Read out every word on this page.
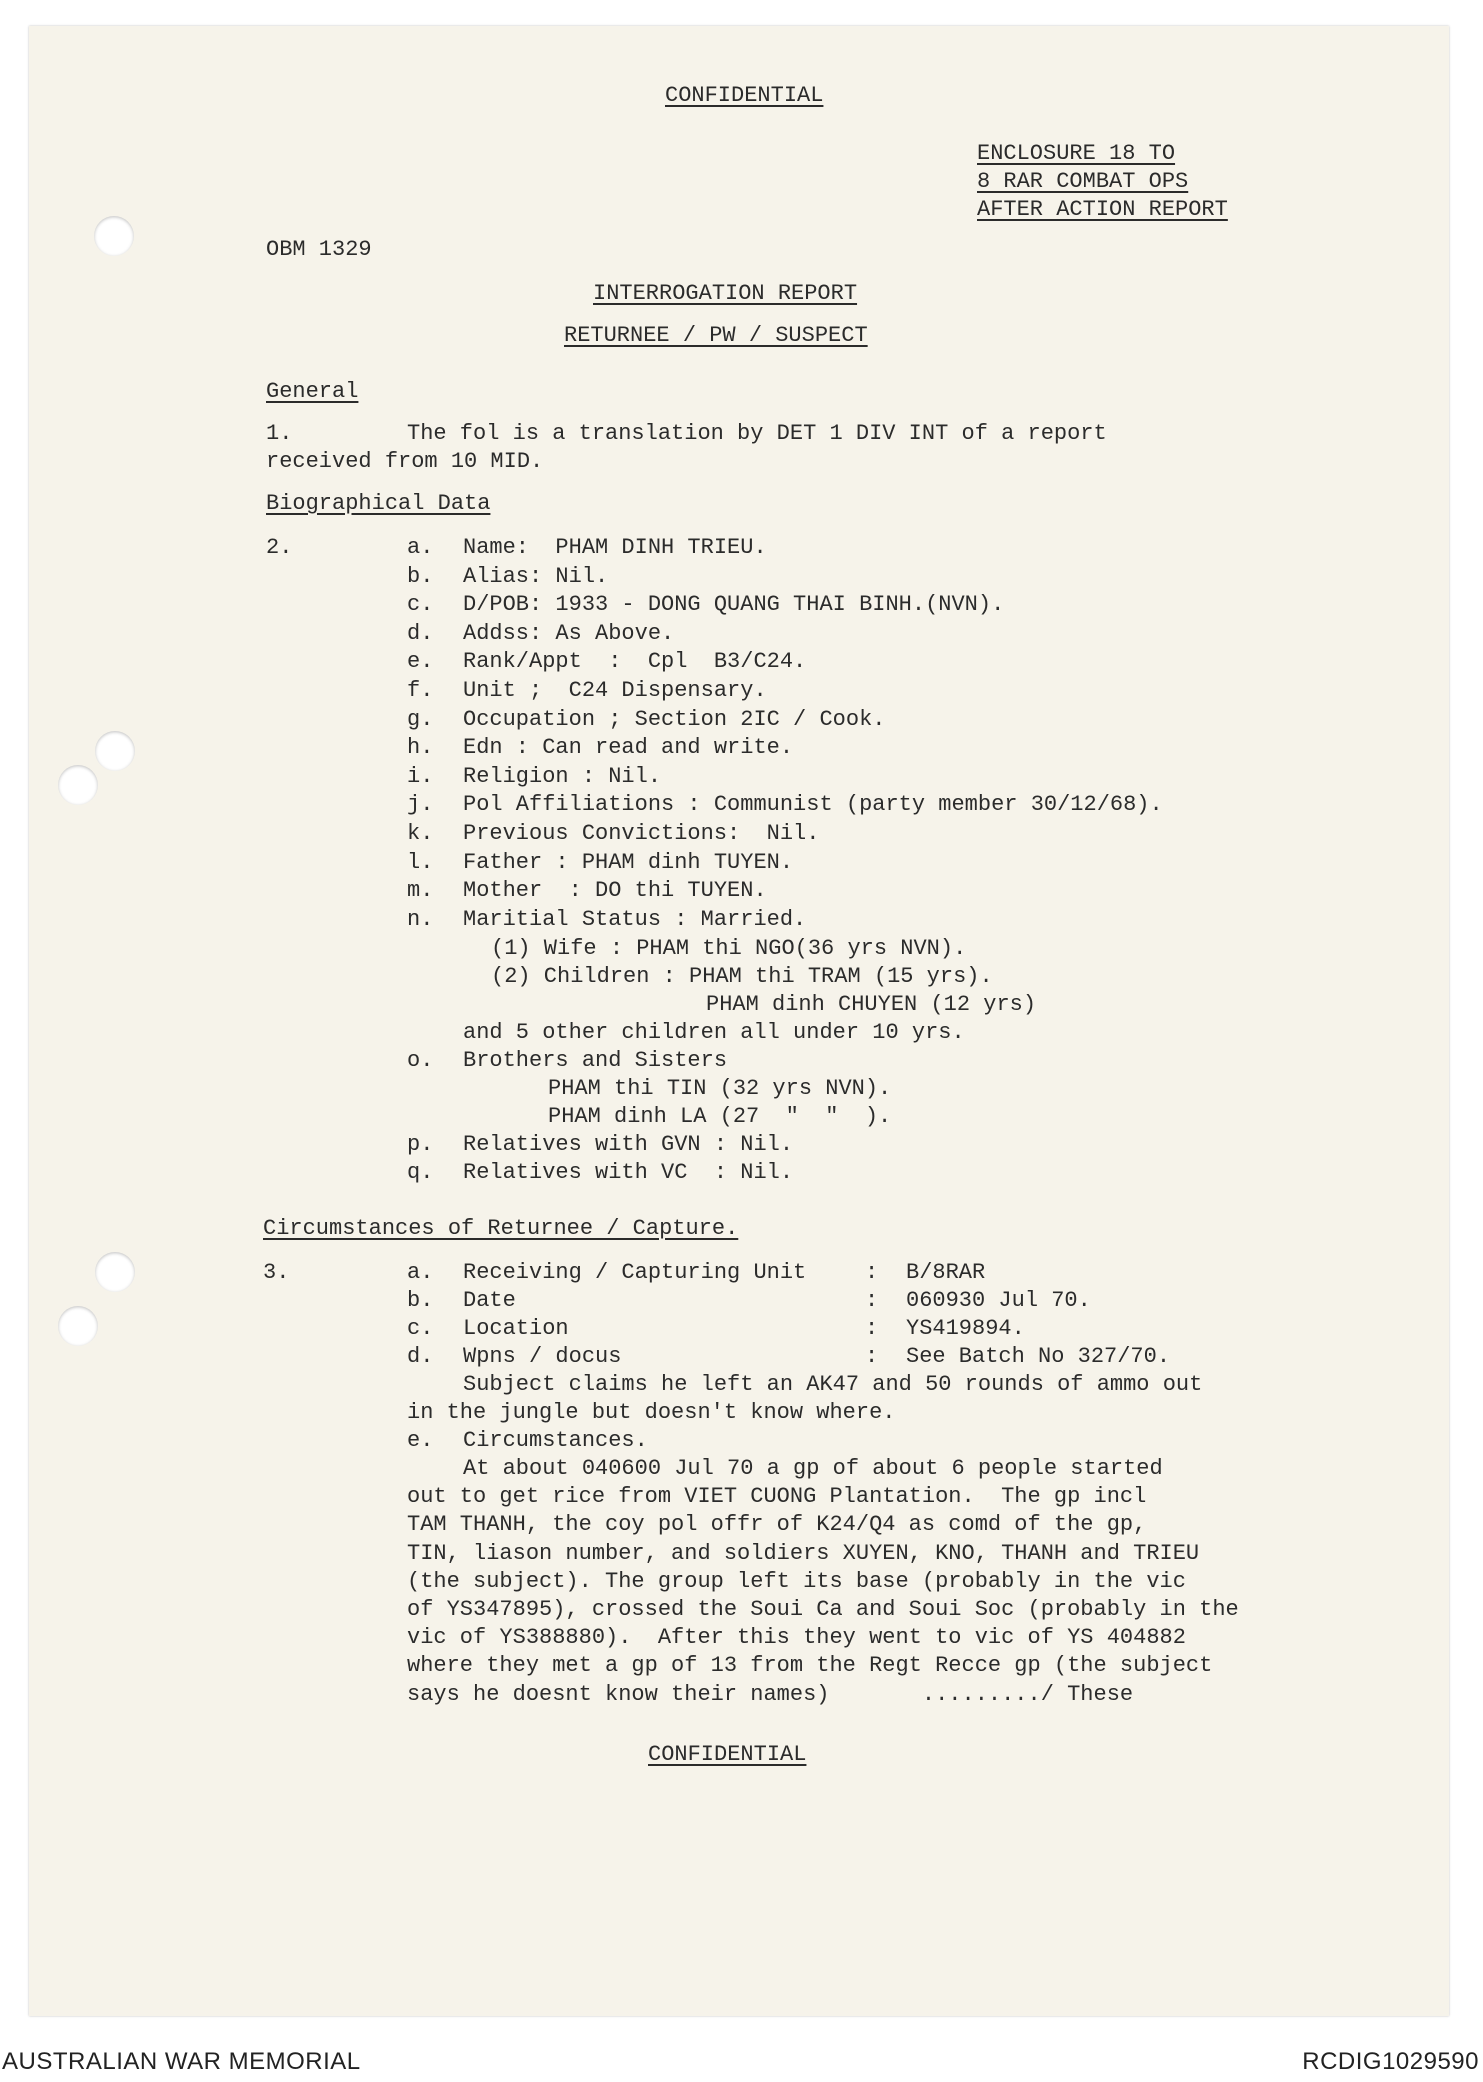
CONFIDENTIAL

ENCLOSURE 18 TO

8 RAR COMBAT OPS

AFTER ACTION REPORT

OBM 1329

INTERROGATION REPORT

RETURNEE / PW / SUSPECT

General

1.	The fol is a translation by DET 1 DIV INT of a report

received from 10 MID.

Biographical Data

2.	a. Name:  PHAM DINH TRIEU.

b. Alias: Nil.

c. D/POB: 1933 - DONG QUANG THAI BINH.(NVN).

d. Addss: As Above.

e. Rank/Appt  :  Cpl  B3/C24.

f. Unit ;  C24 Dispensary.

g. Occupation ; Section 2IC / Cook.

h. Edn : Can read and write.

i. Religion : Nil.

j. Pol Affiliations : Communist (party member 30/12/68).

k. Previous Convictions:  Nil.

l. Father : PHAM dinh TUYEN.

m. Mother  : DO thi TUYEN.

n. Maritial Status : Married.

(1) Wife : PHAM thi NGO(36 yrs NVN).

(2) Children : PHAM thi TRAM (15 yrs).

PHAM dinh CHUYEN (12 yrs)

and 5 other children all under 10 yrs.

o. Brothers and Sisters

PHAM thi TIN (32 yrs NVN).

PHAM dinh LA (27  "  "  ).

p. Relatives with GVN : Nil.

q. Relatives with VC  : Nil.

Circumstances of Returnee / Capture.

3.	a. Receiving / Capturing Unit	: B/8RAR

b. Date	: 060930 Jul 70.

c. Location	: YS419894.

d. Wpns / docus	: See Batch No 327/70.

Subject claims he left an AK47 and 50 rounds of ammo out

in the jungle but doesn't know where.

e. Circumstances.

At about 040600 Jul 70 a gp of about 6 people started

out to get rice from VIET CUONG Plantation.  The gp incl

TAM THANH, the coy pol offr of K24/Q4 as comd of the gp,

TIN, liason number, and soldiers XUYEN, KNO, THANH and TRIEU

(the subject). The group left its base (probably in the vic

of YS347895), crossed the Soui Ca and Soui Soc (probably in the

vic of YS388880).  After this they went to vic of YS 404882

where they met a gp of 13 from the Regt Recce gp (the subject

says he doesnt know their names)       ........./ These

CONFIDENTIAL

AUSTRALIAN WAR MEMORIAL	RCDIG1029590
